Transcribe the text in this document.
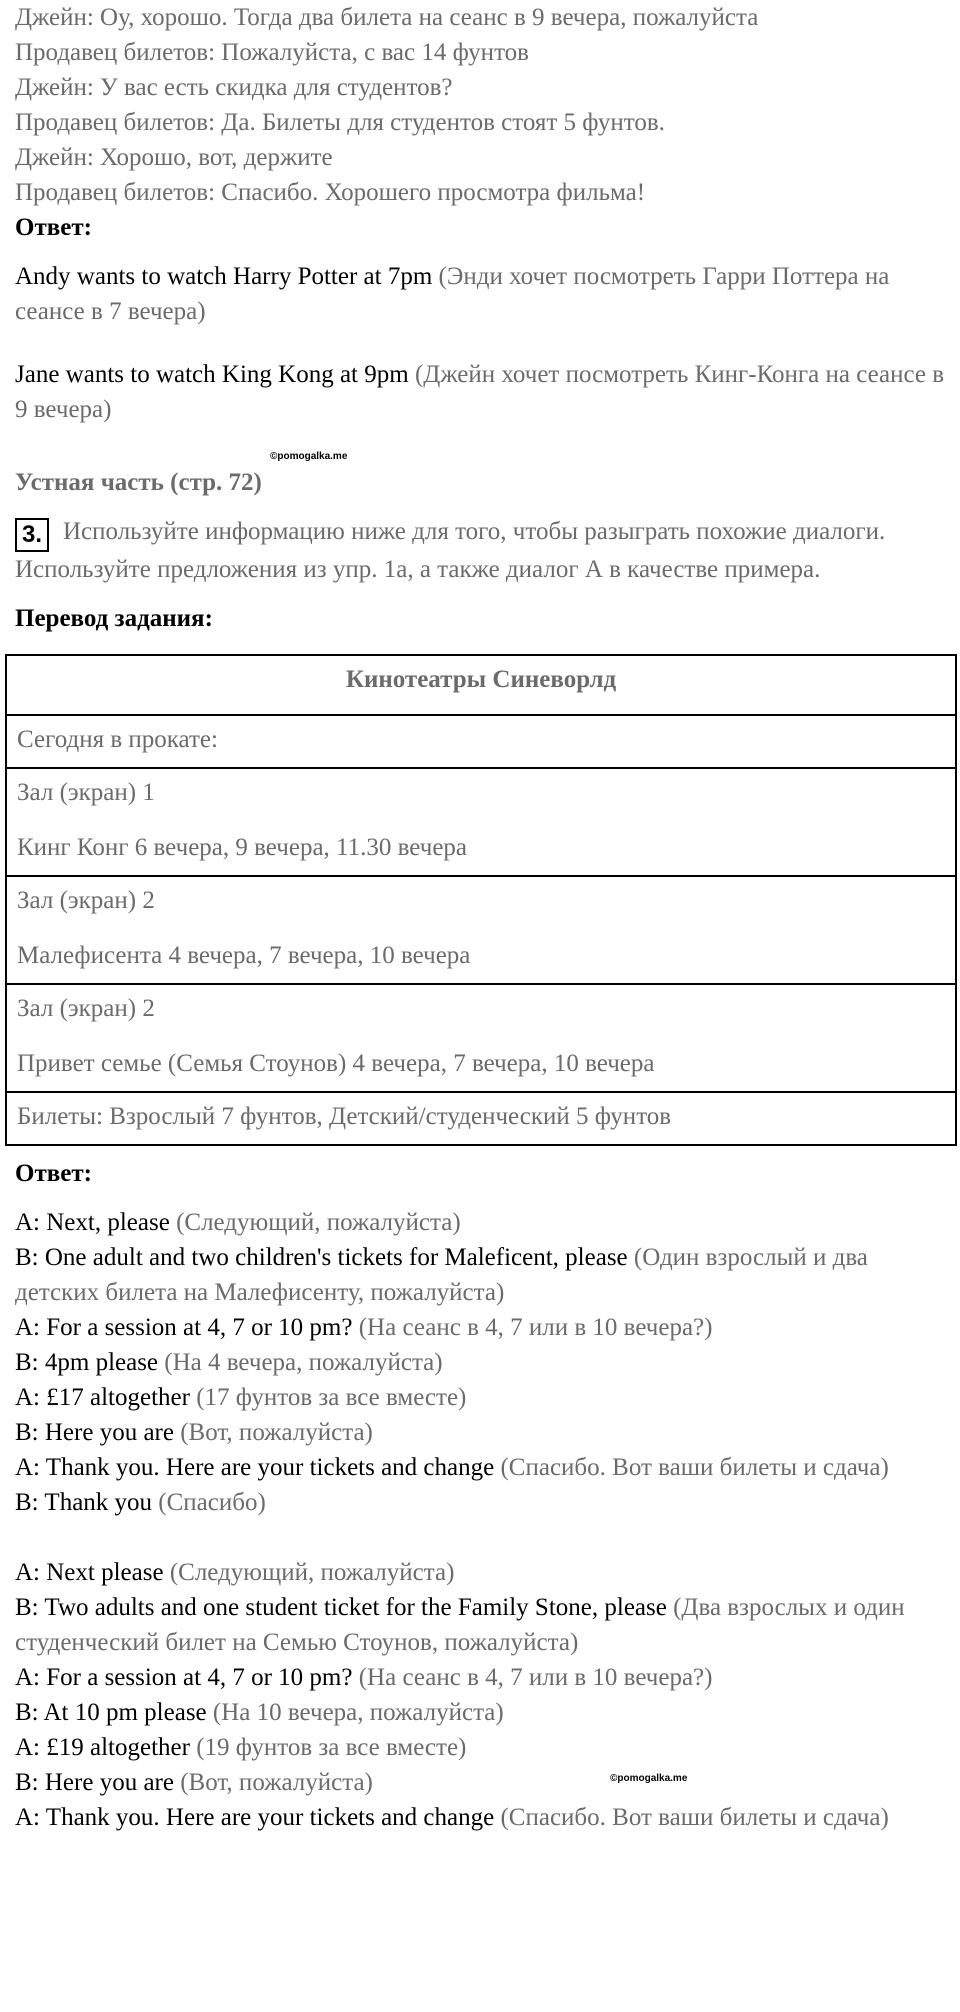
Джейн: Оу, хорошо. Тогда два билета на сеанс в 9 вечера, пожалуйста

Продавец билетов: Пожалуйста, с вас 14 фунтов

Джейн: У вас есть скидка для студентов?

Продавец билетов: Да. Билеты для студентов стоят 5 фунтов.

Джейн: Хорошо, вот, держите

Продавец билетов: Спасибо. Хорошего просмотра фильма!

Ответ:

Andy wants to watch Harry Potter at 7pm (Энди хочет посмотреть Гарри Поттера на сеансе в 7 вечера)

Jane wants to watch King Kong at 9pm (Джейн хочет посмотреть Кинг-Конга на сеансе в 9 вечера)

©pomogalka.me

Устная часть (стр. 72)

3. Используйте информацию ниже для того, чтобы разыграть похожие диалоги. Используйте предложения из упр. 1a, а также диалог А в качестве примера.

Перевод задания:

Кинотеатры Синеворлд
Сегодня в прокате:

Зал (экран) 1

Кинг Конг 6 вечера, 9 вечера, 11.30 вечера

Зал (экран) 2

Малефисента 4 вечера, 7 вечера, 10 вечера

Зал (экран) 2

Привет семье (Семья Стоунов) 4 вечера, 7 вечера, 10 вечера

Билеты: Взрослый 7 фунтов, Детский/студенческий 5 фунтов

Ответ:

A: Next, please (Следующий, пожалуйста)

B: One adult and two children's tickets for Maleficent, please (Один взрослый и два детских билета на Малефисенту, пожалуйста)

A: For a session at 4, 7 or 10 pm? (На сеанс в 4, 7 или в 10 вечера?)

B: 4pm please (На 4 вечера, пожалуйста)

A: £17 altogether (17 фунтов за все вместе)

B: Here you are (Вот, пожалуйста)

A: Thank you. Here are your tickets and change (Спасибо. Вот ваши билеты и сдача)

B: Thank you (Спасибо)

A: Next please (Следующий, пожалуйста)

B: Two adults and one student ticket for the Family Stone, please (Два взрослых и один студенческий билет на Семью Стоунов, пожалуйста)

A: For a session at 4, 7 or 10 pm? (На сеанс в 4, 7 или в 10 вечера?)

B: At 10 pm please (На 10 вечера, пожалуйста)

A: £19 altogether (19 фунтов за все вместе)

B: Here you are (Вот, пожалуйста)	©pomogalka.me

A: Thank you. Here are your tickets and change (Спасибо. Вот ваши билеты и сдача)
